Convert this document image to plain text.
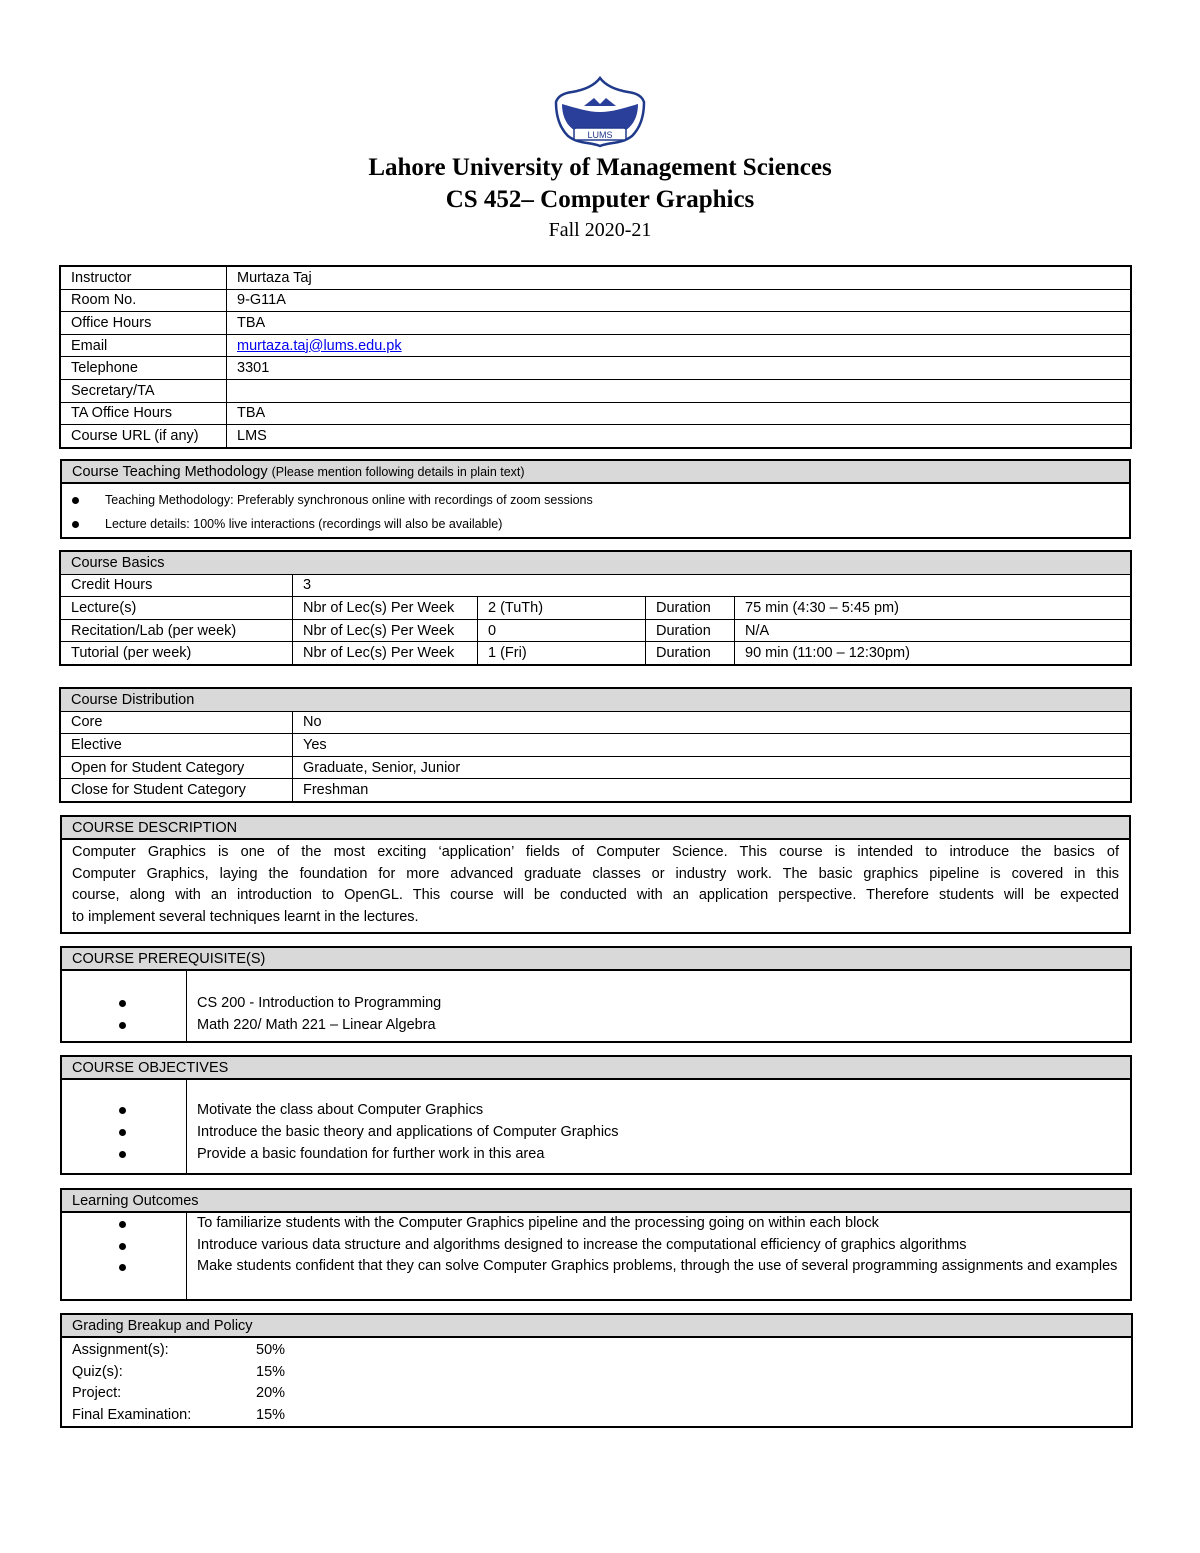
LUMS
Lahore University of Management Sciences
CS 452– Computer Graphics
Fall 2020-21
Instructor	Murtaza Taj
Room No.	9-G11A
Office Hours	TBA
Email	murtaza.taj@lums.edu.pk
Telephone	3301
Secretary/TA	
TA Office Hours	TBA
Course URL (if any)	LMS
Course Teaching Methodology (Please mention following details in plain text)
Teaching Methodology: Preferably synchronous online with recordings of zoom sessions
Lecture details: 100% live interactions (recordings will also be available)
Course Basics				
Credit Hours	3			
Lecture(s)	Nbr of Lec(s) Per Week	2 (TuTh)	Duration	75 min (4:30 – 5:45 pm)
Recitation/Lab (per week)	Nbr of Lec(s) Per Week	0	Duration	N/A
Tutorial (per week)	Nbr of Lec(s) Per Week	1 (Fri)	Duration	90 min (11:00 – 12:30pm)
Course Distribution	
Core	No
Elective	Yes
Open for Student Category	Graduate, Senior, Junior
Close for Student Category	Freshman
COURSE DESCRIPTION
Computer Graphics is one of the most exciting ‘application’ fields of Computer Science. This course is intended to introduce the basics of
Computer Graphics, laying the foundation for more advanced graduate classes or industry work. The basic graphics pipeline is covered in this
course, along with an introduction to OpenGL. This course will be conducted with an application perspective. Therefore students will be expected
to implement several techniques learnt in the lectures.
COURSE PREREQUISITE(S)
CS 200 - Introduction to Programming
Math 220/ Math 221 – Linear Algebra
COURSE OBJECTIVES
Motivate the class about Computer Graphics
Introduce the basic theory and applications of Computer Graphics
Provide a basic foundation for further work in this area
Learning Outcomes
To familiarize students with the Computer Graphics pipeline and the processing going on within each block
Introduce various data structure and algorithms designed to increase the computational efficiency of graphics algorithms
Make students confident that they can solve Computer Graphics problems, through the use of several programming assignments and examples
Grading Breakup and Policy
Assignment(s):	50%
Quiz(s):	15%
Project:	20%
Final Examination:	15%
